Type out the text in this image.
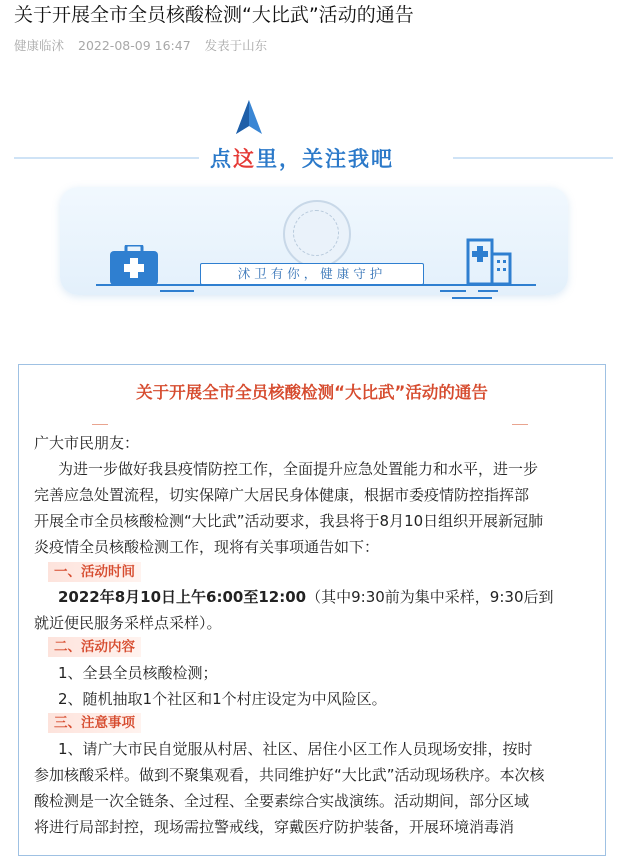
关于开展全市全员核酸检测“大比武”活动的通告
健康临沭 2022-08-09 16:47 发表于山东
点这里，关注我吧
沭卫有你，健康守护
关于开展全市全员核酸检测“大比武”活动的通告
广大市民朋友：
为进一步做好我县疫情防控工作，全面提升应急处置能力和水平，进一步
完善应急处置流程，切实保障广大居民身体健康，根据市委疫情防控指挥部
开展全市全员核酸检测“大比武”活动要求，我县将于8月10日组织开展新冠肺
炎疫情全员核酸检测工作，现将有关事项通告如下：
一、活动时间
2022年8月10日上午6:00至12:00（其中9:30前为集中采样，9:30后到
就近便民服务采样点采样）。
二、活动内容
1、全县全员核酸检测；
2、随机抽取1个社区和1个村庄设定为中风险区。
三、注意事项
1、请广大市民自觉服从村居、社区、居住小区工作人员现场安排，按时
参加核酸采样。做到不聚集观看，共同维护好“大比武”活动现场秩序。本次核
酸检测是一次全链条、全过程、全要素综合实战演练。活动期间，部分区域
将进行局部封控，现场需拉警戒线，穿戴医疗防护装备，开展环境消毒消
